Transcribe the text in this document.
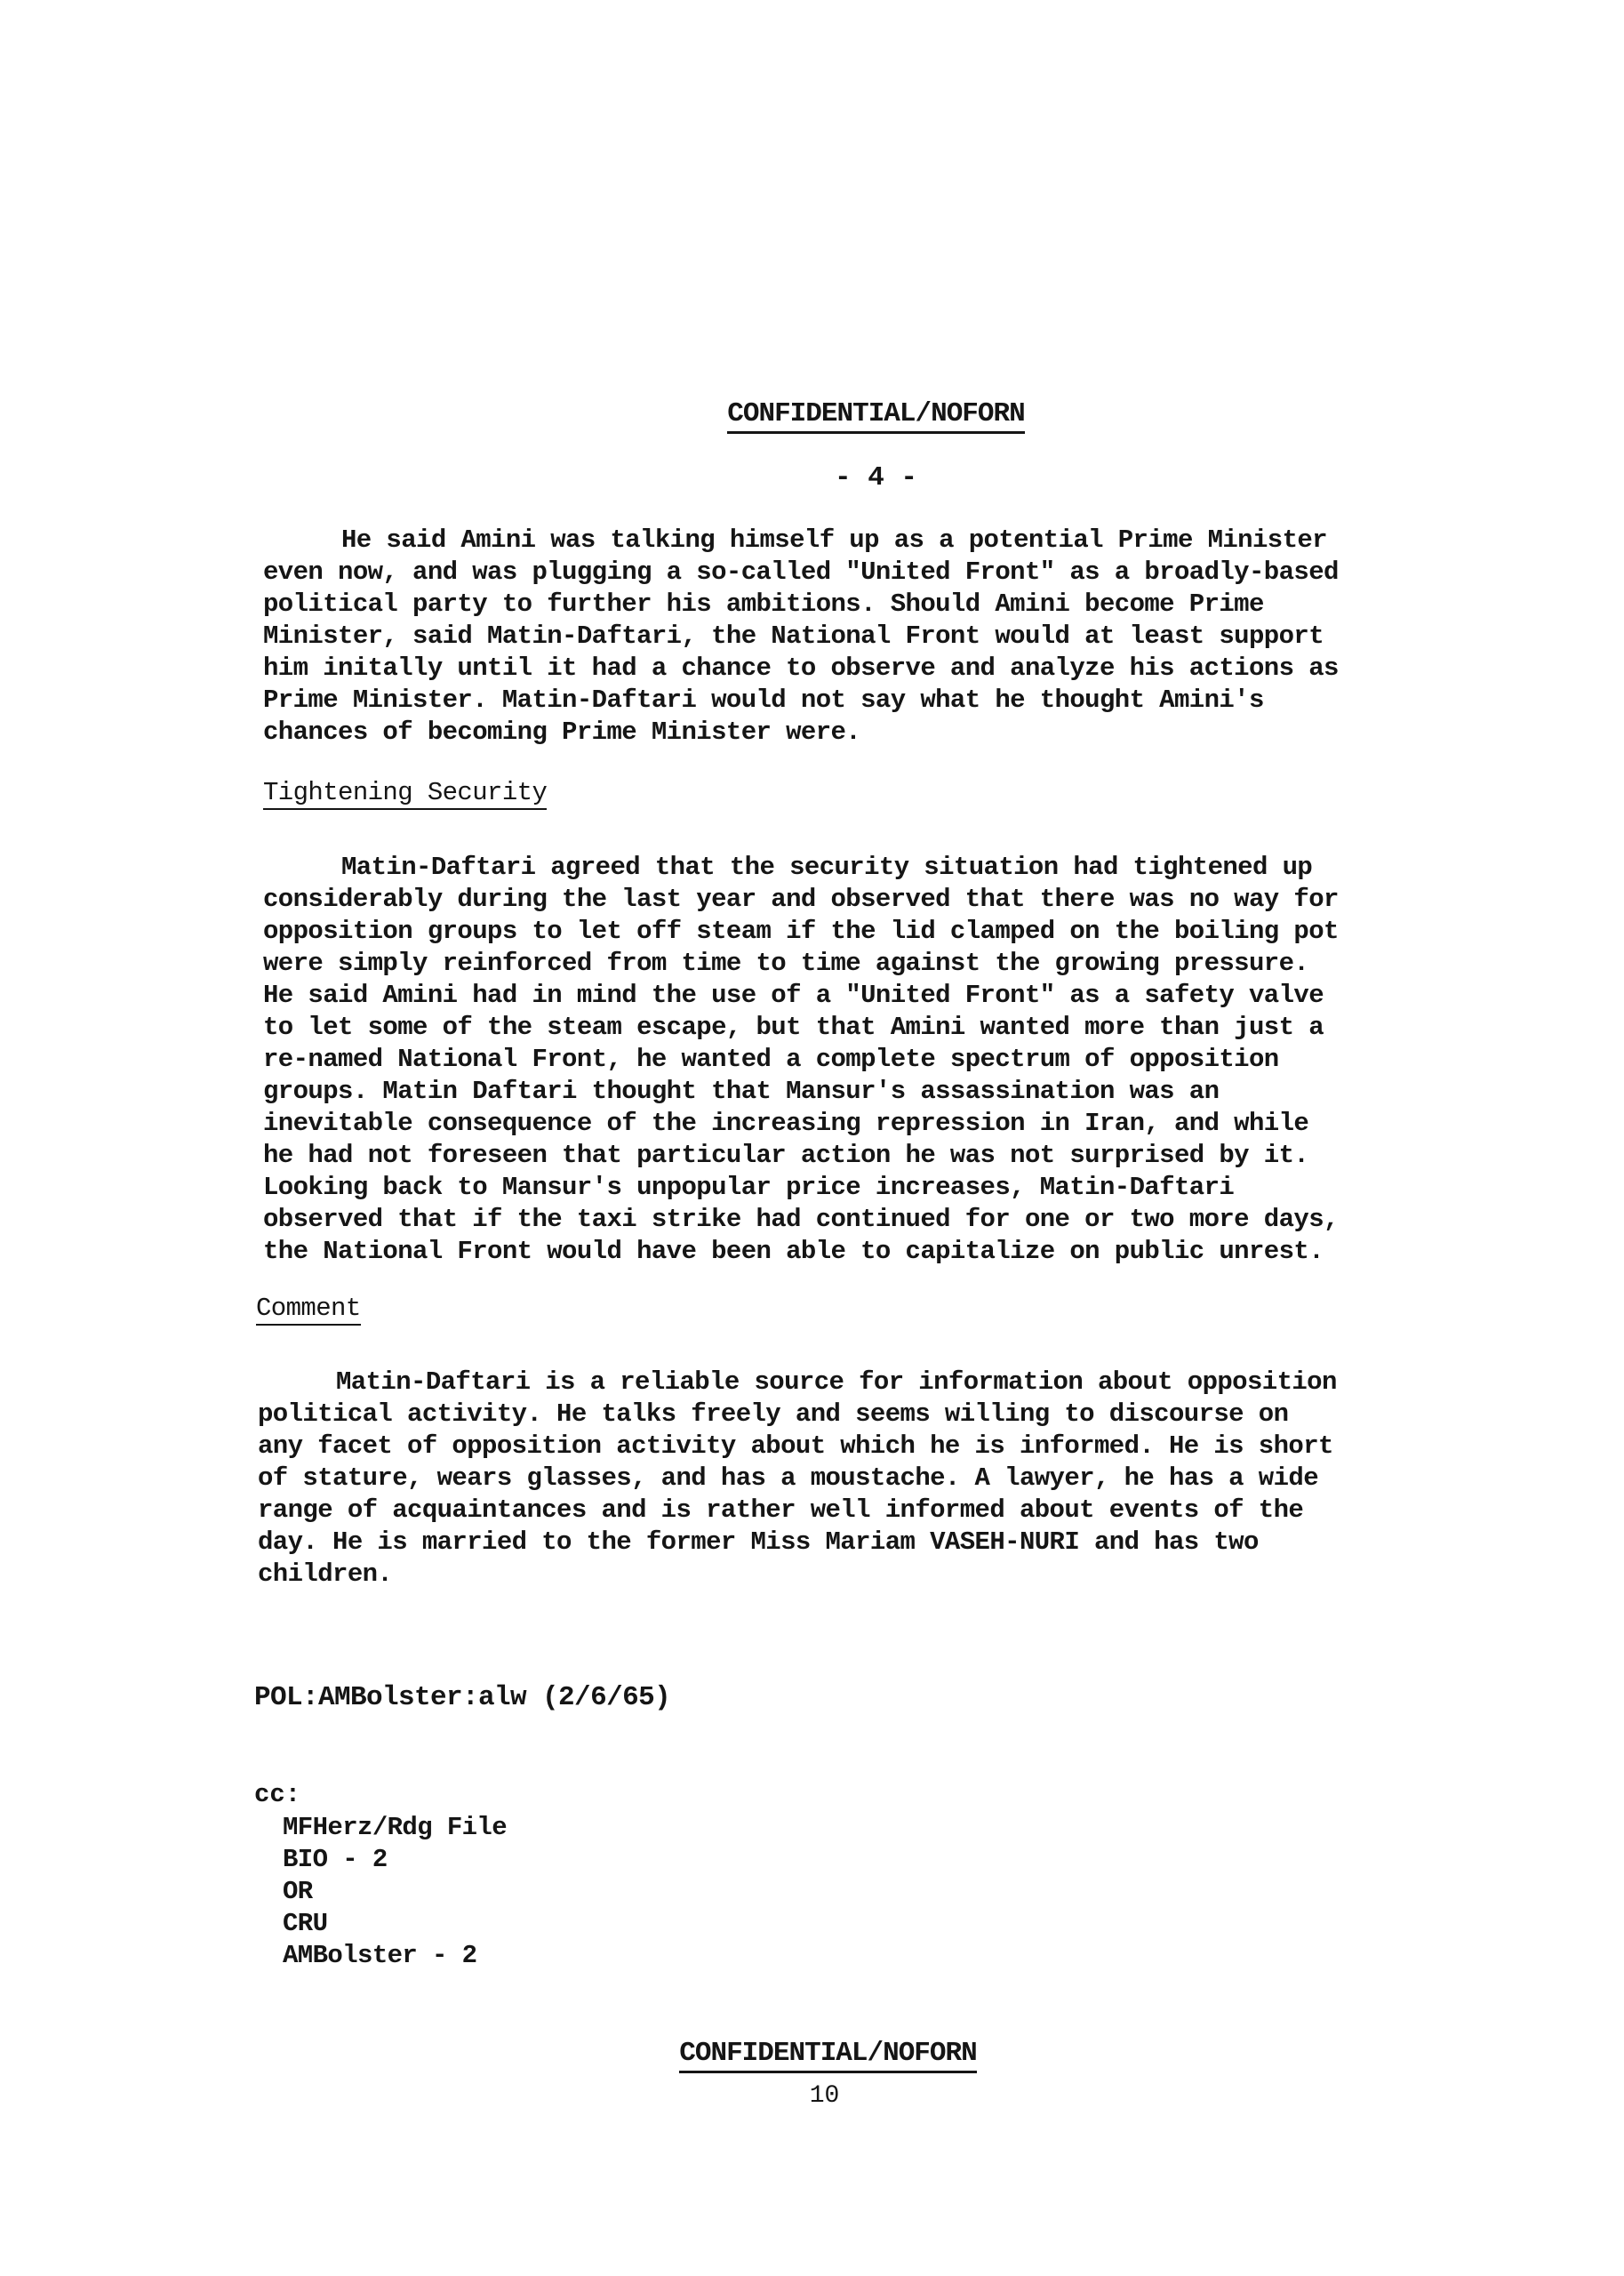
CONFIDENTIAL/NOFORN
- 4 -

He said Amini was talking himself up as a potential Prime Minister
even now, and was plugging a so-called "United Front" as a broadly-based
political party to further his ambitions. Should Amini become Prime
Minister, said Matin-Daftari, the National Front would at least support
him initally until it had a chance to observe and analyze his actions as
Prime Minister. Matin-Daftari would not say what he thought Amini's
chances of becoming Prime Minister were.

Tightening Security

Matin-Daftari agreed that the security situation had tightened up
considerably during the last year and observed that there was no way for
opposition groups to let off steam if the lid clamped on the boiling pot
were simply reinforced from time to time against the growing pressure.
He said Amini had in mind the use of a "United Front" as a safety valve
to let some of the steam escape, but that Amini wanted more than just a
re-named National Front, he wanted a complete spectrum of opposition
groups. Matin Daftari thought that Mansur's assassination was an
inevitable consequence of the increasing repression in Iran, and while
he had not foreseen that particular action he was not surprised by it.
Looking back to Mansur's unpopular price increases, Matin-Daftari
observed that if the taxi strike had continued for one or two more days,
the National Front would have been able to capitalize on public unrest.

Comment

Matin-Daftari is a reliable source for information about opposition
political activity. He talks freely and seems willing to discourse on
any facet of opposition activity about which he is informed. He is short
of stature, wears glasses, and has a moustache. A lawyer, he has a wide
range of acquaintances and is rather well informed about events of the
day. He is married to the former Miss Mariam VASEH-NURI and has two
children.

POL:AMBolster:alw (2/6/65)
cc:
MFHerz/Rdg File
BIO - 2
OR
CRU
AMBolster - 2
CONFIDENTIAL/NOFORN
10
